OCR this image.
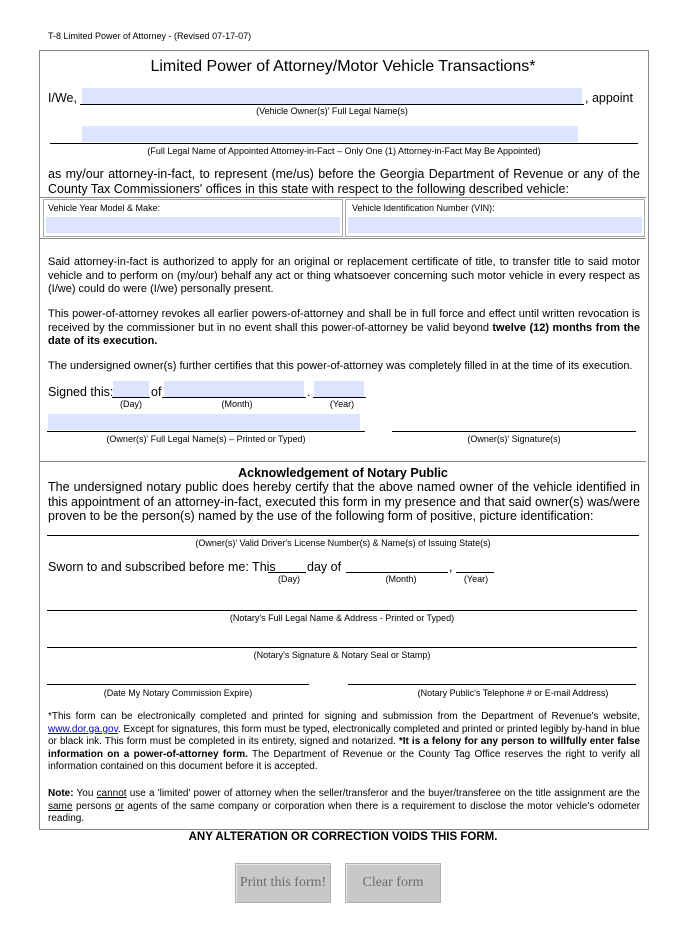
T-8 Limited Power of Attorney - (Revised 07-17-07)
Limited Power of Attorney/Motor Vehicle Transactions*
I/We,	, appoint
(Vehicle Owner(s)' Full Legal Name(s)
(Full Legal Name of Appointed Attorney-in-Fact – Only One (1) Attorney-in-Fact May Be Appointed)
as my/our attorney-in-fact, to represent (me/us) before the Georgia Department of Revenue or any of the County Tax Commissioners' offices in this state with respect to the following described vehicle:
Vehicle Year Model & Make:	Vehicle Identification Number (VIN):
Said attorney-in-fact is authorized to apply for an original or replacement certificate of title, to transfer title to said motor vehicle and to perform on (my/our) behalf any act or thing whatsoever concerning such motor vehicle in every respect as (I/we) could do were (I/we) personally present.
This power-of-attorney revokes all earlier powers-of-attorney and shall be in full force and effect until written revocation is received by the commissioner but in no event shall this power-of-attorney be valid beyond twelve (12) months from the date of its execution.
The undersigned owner(s) further certifies that this power-of-attorney was completely filled in at the time of its execution.
Signed this:	of	.
(Day)	(Month)	(Year)
(Owner(s)' Full Legal Name(s) – Printed or Typed)	(Owner(s)' Signature(s)
Acknowledgement of Notary Public
The undersigned notary public does hereby certify that the above named owner of the vehicle identified in this appointment of an attorney-in-fact, executed this form in my presence and that said owner(s) was/were proven to be the person(s) named by the use of the following form of positive, picture identification:
(Owner(s)' Valid Driver's License Number(s) & Name(s) of Issuing State(s)
Sworn to and subscribed before me: This	day of	,
(Day)	(Month)	(Year)
(Notary's Full Legal Name & Address - Printed or Typed)
(Notary's Signature & Notary Seal or Stamp)
(Date My Notary Commission Expire)	(Notary Public's Telephone # or E-mail Address)
*This form can be electronically completed and printed for signing and submission from the Department of Revenue's website, www.dor.ga.gov. Except for signatures, this form must be typed, electronically completed and printed or printed legibly by-hand in blue or black ink. This form must be completed in its entirety, signed and notarized. *It is a felony for any person to willfully enter false information on a power-of-attorney form. The Department of Revenue or the County Tag Office reserves the right to verify all information contained on this document before it is accepted.
Note: You cannot use a 'limited' power of attorney when the seller/transferor and the buyer/transferee on the title assignment are the same persons or agents of the same company or corporation when there is a requirement to disclose the motor vehicle's odometer reading.
ANY ALTERATION OR CORRECTION VOIDS THIS FORM.
Print this form!	Clear form
